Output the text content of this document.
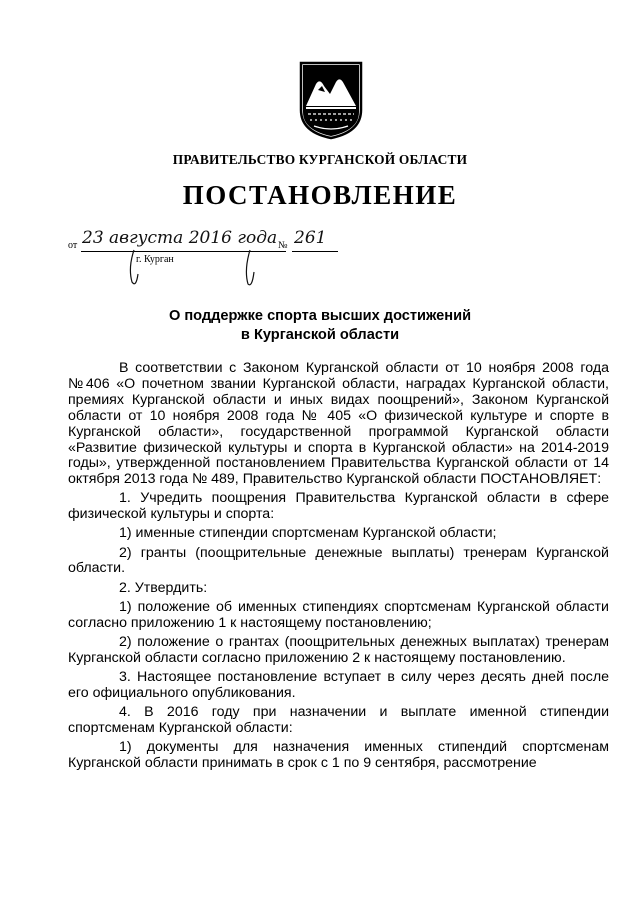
ПРАВИТЕЛЬСТВО КУРГАНСКОЙ ОБЛАСТИ
ПОСТАНОВЛЕНИЕ
от 23 августа 2016 года № 261
г. Курган
О поддержке спорта высших достижений
в Курганской области

В соответствии с Законом Курганской области от 10 ноября 2008 года №406 «О почетном звании Курганской области, наградах Курганской области, премиях Курганской области и иных видах поощрений», Законом Курганской области от 10 ноября 2008 года № 405 «О физической культуре и спорте в Курганской области», государственной программой Курганской области «Развитие физической культуры и спорта в Курганской области» на 2014-2019 годы», утвержденной постановлением Правительства Курганской области от 14 октября 2013 года № 489, Правительство Курганской области ПОСТАНОВЛЯЕТ:

1. Учредить поощрения Правительства Курганской области в сфере физической культуры и спорта:

1) именные стипендии спортсменам Курганской области;

2) гранты (поощрительные денежные выплаты) тренерам Курганской области.

2. Утвердить:

1) положение об именных стипендиях спортсменам Курганской области согласно приложению 1 к настоящему постановлению;

2) положение о грантах (поощрительных денежных выплатах) тренерам Курганской области согласно приложению 2 к настоящему постановлению.

3. Настоящее постановление вступает в силу через десять дней после его официального опубликования.

4. В 2016 году при назначении и выплате именной стипендии спортсменам Курганской области:

1) документы для назначения именных стипендий спортсменам Курганской области принимать в срок с 1 по 9 сентября, рассмотрение
